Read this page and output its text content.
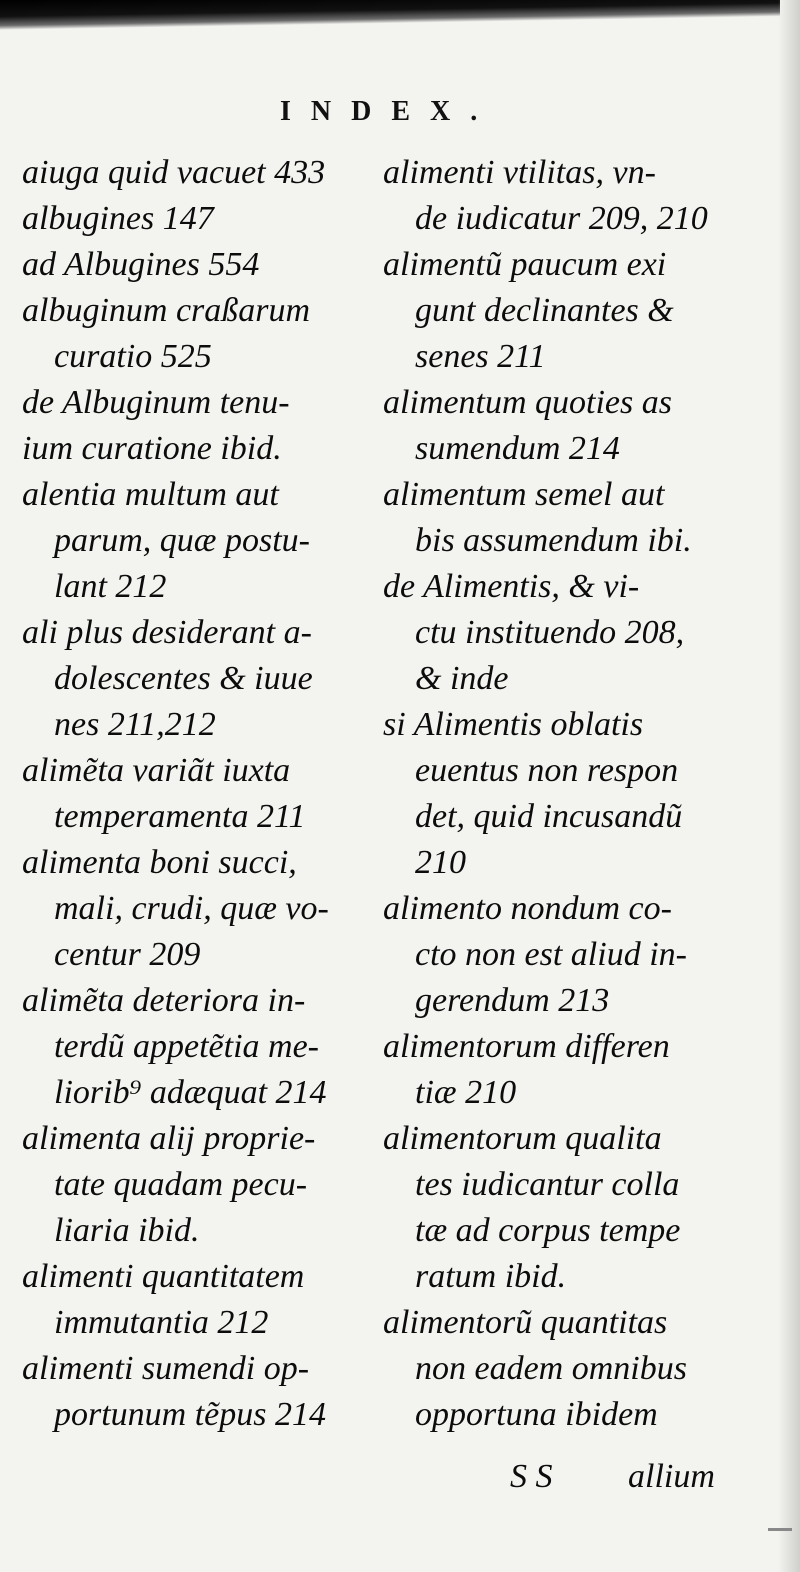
INDEX.
aiuga quid vacuet 433
albugines 147
ad Albugines 554
albuginum craßarum
curatio 525
de Albuginum tenu-
ium curatione ibid.
alentia multum aut
parum, quæ postu-
lant 212
ali plus desiderant a-
dolescentes & iuue
nes 211,212
alimẽta variãt iuxta
temperamenta 211
alimenta boni succi,
mali, crudi, quæ vo-
centur 209
alimẽta deteriora in-
terdũ appetẽtia me-
liorib⁹ adæquat 214
alimenta alij proprie-
tate quadam pecu-
liaria ibid.
alimenti quantitatem
immutantia 212
alimenti sumendi op-
portunum tẽpus 214
alimenti vtilitas, vn-
de iudicatur 209, 210
alimentũ paucum exi
gunt declinantes &
senes 211
alimentum quoties as
sumendum 214
alimentum semel aut
bis assumendum ibi.
de Alimentis, & vi-
ctu instituendo 208,
& inde
si Alimentis oblatis
euentus non respon
det, quid incusandũ
210
alimento nondum co-
cto non est aliud in-
gerendum 213
alimentorum differen
tiæ 210
alimentorum qualita
tes iudicantur colla
tæ ad corpus tempe
ratum ibid.
alimentorũ quantitas
non eadem omnibus
opportuna ibidem
S S allium
